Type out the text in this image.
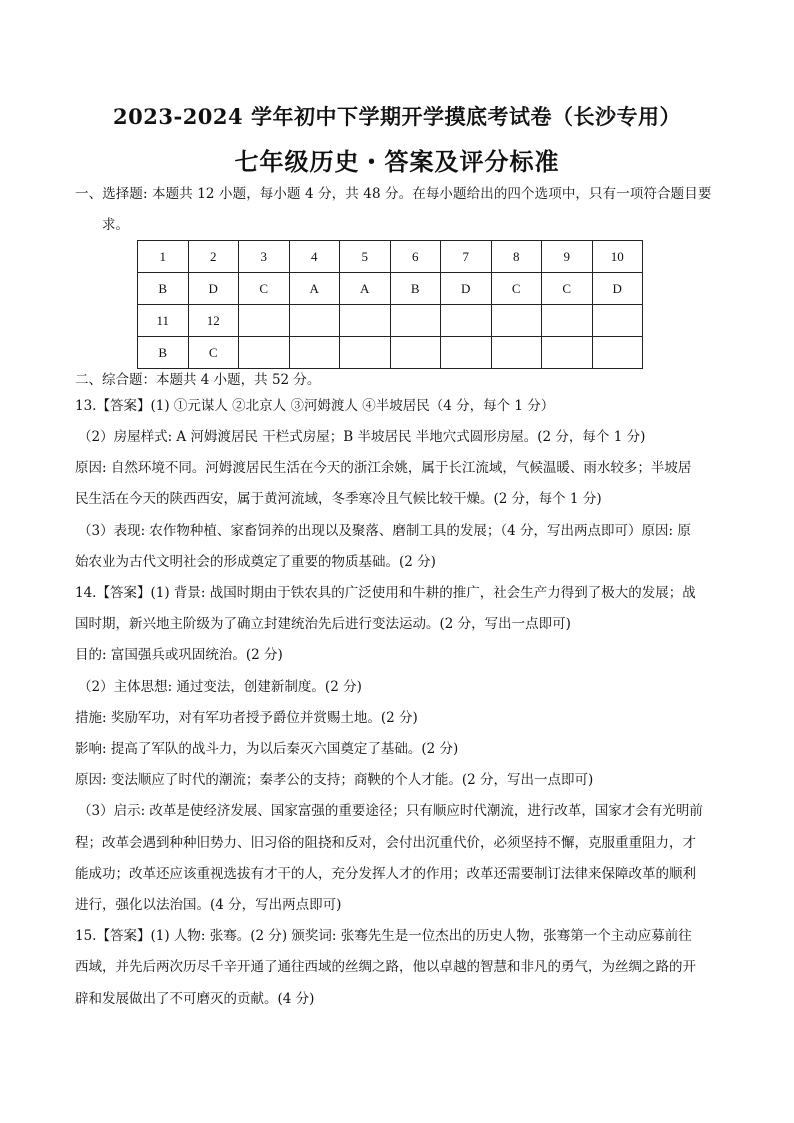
2023-2024 学年初中下学期开学摸底考试卷（长沙专用）
七年级历史・答案及评分标准
一、选择题: 本题共 12 小题，每小题 4 分，共 48 分。在每小题给出的四个选项中，只有一项符合题目要
求。
1	2	3	4	5	6	7	8	9	10
B	D	C	A	A	B	D	C	C	D
11	12								
B	C								
二、综合题：本题共 4 小题，共 52 分。
13.【答案】(1) ①元谋人 ②北京人 ③河姆渡人 ④半坡居民（4 分，每个 1 分）
（2）房屋样式: A 河姆渡居民 干栏式房屋；B 半坡居民 半地穴式圆形房屋。(2 分，每个 1 分)
原因: 自然环境不同。河姆渡居民生活在今天的浙江余姚，属于长江流域，气候温暖、雨水较多；半坡居
民生活在今天的陕西西安，属于黄河流域，冬季寒冷且气候比较干燥。(2 分，每个 1 分)
（3）表现: 农作物种植、家畜饲养的出现以及聚落、磨制工具的发展；（4 分，写出两点即可）原因: 原
始农业为古代文明社会的形成奠定了重要的物质基础。(2 分)
14.【答案】(1) 背景: 战国时期由于铁农具的广泛使用和牛耕的推广，社会生产力得到了极大的发展；战
国时期，新兴地主阶级为了确立封建统治先后进行变法运动。(2 分，写出一点即可)
目的: 富国强兵或巩固统治。(2 分)
（2）主体思想: 通过变法，创建新制度。(2 分)
措施: 奖励军功，对有军功者授予爵位并赏赐土地。(2 分)
影响: 提高了军队的战斗力，为以后秦灭六国奠定了基础。(2 分)
原因: 变法顺应了时代的潮流；秦孝公的支持；商鞅的个人才能。(2 分，写出一点即可)
（3）启示: 改革是使经济发展、国家富强的重要途径；只有顺应时代潮流，进行改革，国家才会有光明前
程；改革会遇到种种旧势力、旧习俗的阻挠和反对，会付出沉重代价，必须坚持不懈，克服重重阻力，才
能成功；改革还应该重视选拔有才干的人，充分发挥人才的作用；改革还需要制订法律来保障改革的顺利
进行，强化以法治国。(4 分，写出两点即可)
15.【答案】(1) 人物: 张骞。(2 分) 颁奖词: 张骞先生是一位杰出的历史人物，张骞第一个主动应募前往
西域，并先后两次历尽千辛开通了通往西域的丝绸之路，他以卓越的智慧和非凡的勇气，为丝绸之路的开
辟和发展做出了不可磨灭的贡献。(4 分)
